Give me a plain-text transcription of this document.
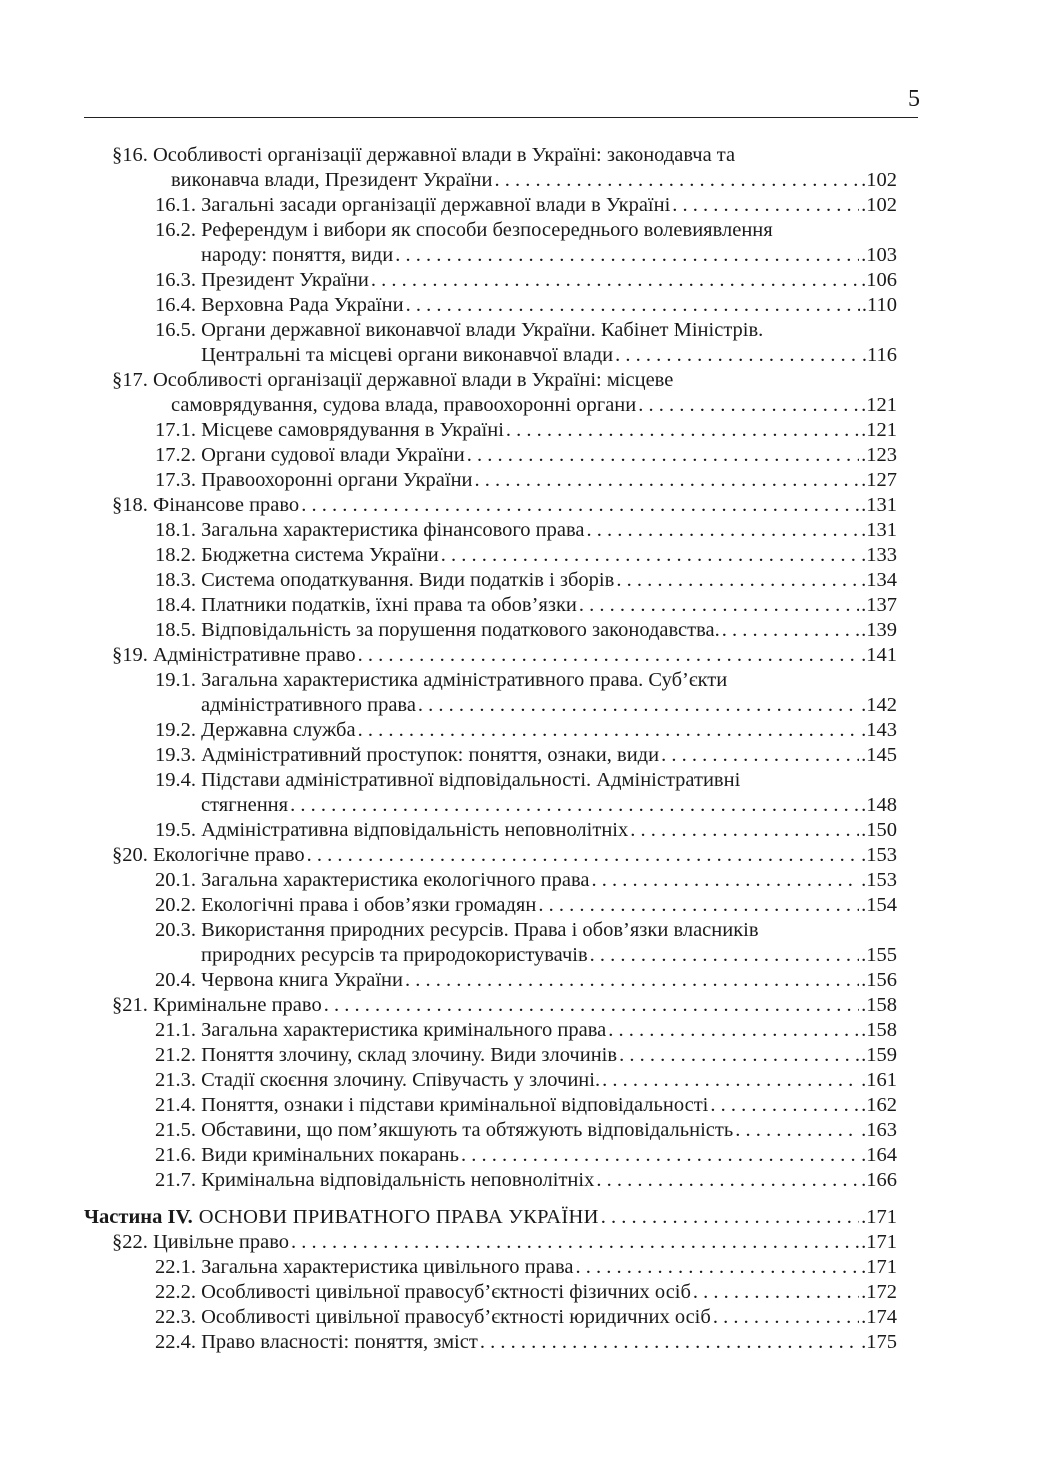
5
§16. Особливості організації державної влади в Україні: законодавча та
виконавча влади, Президент України . . .	.102
16.1. Загальні засади організації державної влади в Україні . . .	.102
16.2. Референдум і вибори як способи безпосереднього волевиявлення
народу: поняття, види . . .	.103
16.3. Президент України . . .	.106
16.4. Верховна Рада України . . .	.110
16.5. Органи державної виконавчої влади України. Кабінет Міністрів.
Центральні та місцеві органи виконавчої влади . . .	.116
§17. Особливості організації державної влади в Україні: місцеве
самоврядування, судова влада, правоохоронні органи . . .	.121
17.1. Місцеве самоврядування в Україні . . .	.121
17.2. Органи судової влади України . . .	.123
17.3. Правоохоронні органи України . . .	.127
§18. Фінансове право . . .	.131
18.1. Загальна характеристика фінансового права . . .	.131
18.2. Бюджетна система України . . .	.133
18.3. Система оподаткування. Види податків і зборів . . .	.134
18.4. Платники податків, їхні права та обов’язки . . .	.137
18.5. Відповідальність за порушення податкового законодавства. . . .	.139
§19. Адміністративне право . . .	.141
19.1. Загальна характеристика адміністративного права. Суб’єкти
адміністративного права . . .	.142
19.2. Державна служба . . .	.143
19.3. Адміністративний проступок: поняття, ознаки, види . . .	.145
19.4. Підстави адміністративної відповідальності. Адміністративні
стягнення . . .	.148
19.5. Адміністративна відповідальність неповнолітніх . . .	.150
§20. Екологічне право . . .	.153
20.1. Загальна характеристика екологічного права . . .	.153
20.2. Екологічні права і обов’язки громадян . . .	.154
20.3. Використання природних ресурсів. Права і обов’язки власників
природних ресурсів та природокористувачів . . .	.155
20.4. Червона книга України . . .	.156
§21. Кримінальне право . . .	.158
21.1. Загальна характеристика кримінального права . . .	.158
21.2. Поняття злочину, склад злочину. Види злочинів . . .	.159
21.3. Стадії скоєння злочину. Співучасть у злочині. . . .	.161
21.4. Поняття, ознаки і підстави кримінальної відповідальності . . .	.162
21.5. Обставини, що пом’якшують та обтяжують відповідальність . . .	.163
21.6. Види кримінальних покарань . . .	.164
21.7. Кримінальна відповідальність неповнолітніх . . .	.166
Частина IV. ОСНОВИ ПРИВАТНОГО ПРАВА УКРАЇНИ . . .	.171
§22. Цивільне право . . .	.171
22.1. Загальна характеристика цивільного права . . .	.171
22.2. Особливості цивільної правосуб’єктності фізичних осіб . . .	.172
22.3. Особливості цивільної правосуб’єктності юридичних осіб . . .	.174
22.4. Право власності: поняття, зміст . . .	.175
